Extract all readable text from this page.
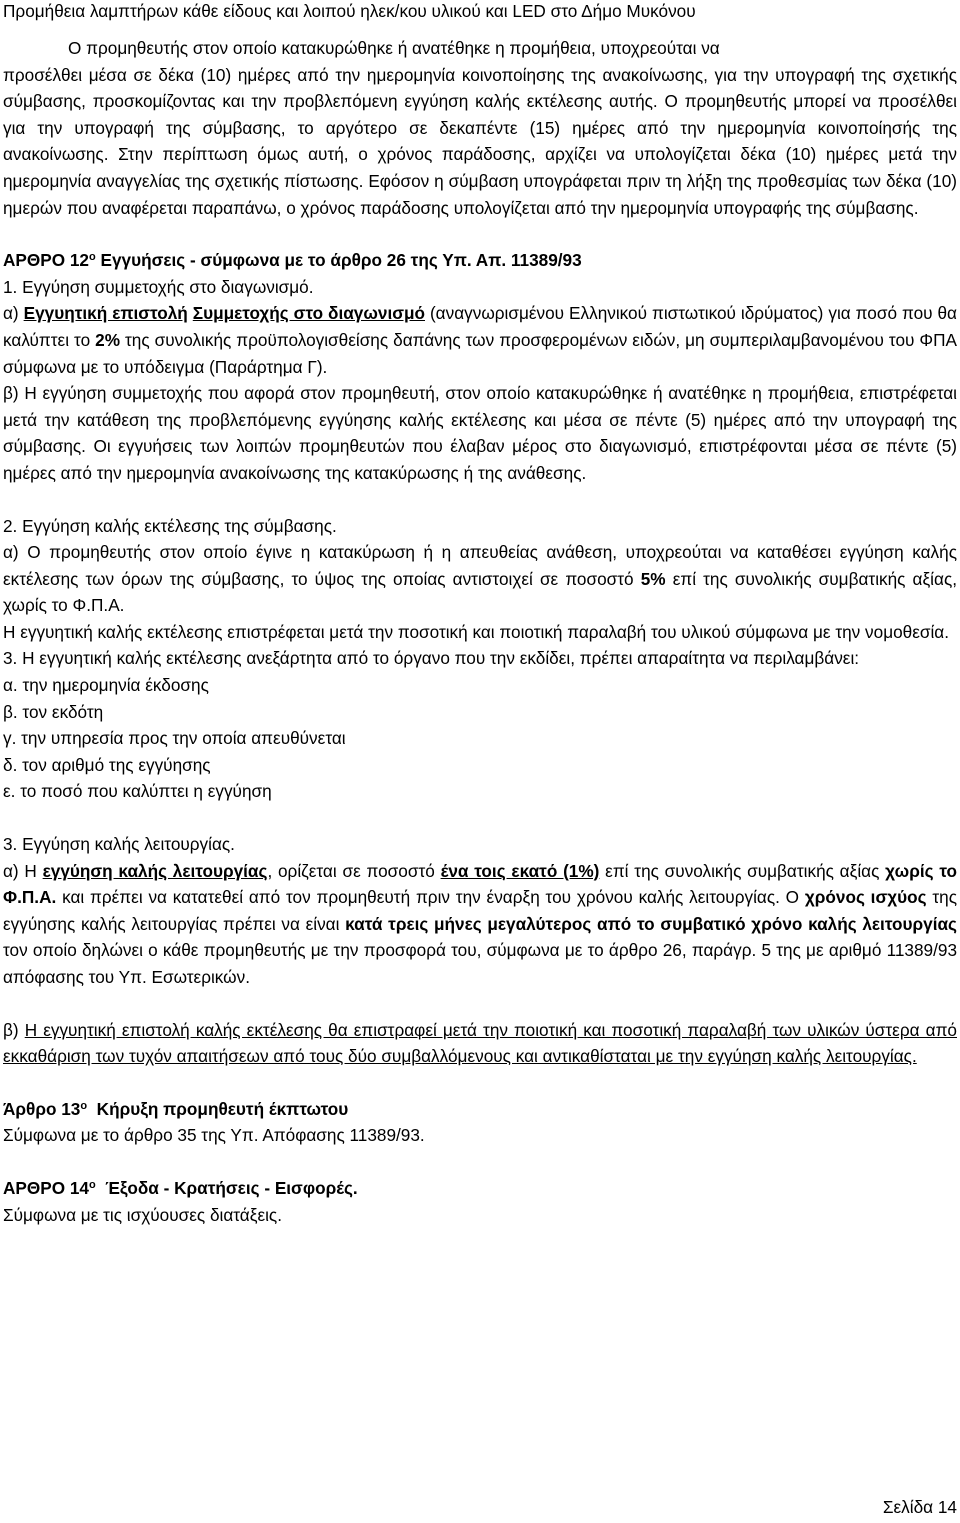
Προμήθεια λαμπτήρων κάθε είδους και λοιπού ηλεκ/κου υλικού και LED στο Δήμο Μυκόνου

Ο προμηθευτής στον οποίο κατακυρώθηκε ή ανατέθηκε η προμήθεια, υποχρεούται να

προσέλθει μέσα σε δέκα (10) ημέρες από την ημερομηνία κοινοποίησης της ανακοίνωσης, για την υπογραφή της σχετικής σύμβασης, προσκομίζοντας και την προβλεπόμενη εγγύηση καλής εκτέλεσης αυτής. Ο προμηθευτής μπορεί να προσέλθει για την υπογραφή της σύμβασης, το αργότερο σε δεκαπέντε (15) ημέρες από την ημερομηνία κοινοποίησής της ανακοίνωσης. Στην περίπτωση όμως αυτή, ο χρόνος παράδοσης, αρχίζει να υπολογίζεται δέκα (10) ημέρες μετά την ημερομηνία αναγγελίας της σχετικής πίστωσης. Εφόσον η σύμβαση υπογράφεται πριν τη λήξη της προθεσμίας των δέκα (10) ημερών που αναφέρεται παραπάνω, ο χρόνος παράδοσης υπολογίζεται από την ημερομηνία υπογραφής της σύμβασης.

ΑΡΘΡΟ $12^o$ Εγγυήσεις - σύμφωνα με το άρθρο 26 της Υπ. Απ. 11389/93

1. Εγγύηση συμμετοχής στο διαγωνισμό.

α) Εγγυητική επιστολή Συμμετοχής στο διαγωνισμό (αναγνωρισμένου Ελληνικού πιστωτικού ιδρύματος) για ποσό που θα καλύπτει το 2% της συνολικής προϋπολογισθείσης δαπάνης των προσφερομένων ειδών, μη συμπεριλαμβανομένου του ΦΠΑ σύμφωνα με το υπόδειγμα (Παράρτημα Γ).

β) Η εγγύηση συμμετοχής που αφορά στον προμηθευτή, στον οποίο κατακυρώθηκε ή ανατέθηκε η προμήθεια, επιστρέφεται μετά την κατάθεση της προβλεπόμενης εγγύησης καλής εκτέλεσης και μέσα σε πέντε (5) ημέρες από την υπογραφή της σύμβασης. Οι εγγυήσεις των λοιπών προμηθευτών που έλαβαν μέρος στο διαγωνισμό, επιστρέφονται μέσα σε πέντε (5) ημέρες από την ημερομηνία ανακοίνωσης της κατακύρωσης ή της ανάθεσης.

2. Εγγύηση καλής εκτέλεσης της σύμβασης.

α) Ο προμηθευτής στον οποίο έγινε η κατακύρωση ή η απευθείας ανάθεση, υποχρεούται να καταθέσει εγγύηση καλής εκτέλεσης των όρων της σύμβασης, το ύψος της οποίας αντιστοιχεί σε ποσοστό 5% επί της συνολικής συμβατικής αξίας, χωρίς το Φ.Π.Α.

Η εγγυητική καλής εκτέλεσης επιστρέφεται μετά την ποσοτική και ποιοτική παραλαβή του υλικού σύμφωνα με την νομοθεσία.

3. Η εγγυητική καλής εκτέλεσης ανεξάρτητα από το όργανο που την εκδίδει, πρέπει απαραίτητα να περιλαμβάνει:

α. την ημερομηνία έκδοσης

β. τον εκδότη

γ. την υπηρεσία προς την οποία απευθύνεται

δ. τον αριθμό της εγγύησης

ε. το ποσό που καλύπτει η εγγύηση

3. Εγγύηση καλής λειτουργίας.

α) Η εγγύηση καλής λειτουργίας, ορίζεται σε ποσοστό ένα τοις εκατό (1%) επί της συνολικής συμβατικής αξίας χωρίς το Φ.Π.Α. και πρέπει να κατατεθεί από τον προμηθευτή πριν την έναρξη του χρόνου καλής λειτουργίας. Ο χρόνος ισχύος της εγγύησης καλής λειτουργίας πρέπει να είναι κατά τρεις μήνες μεγαλύτερος από το συμβατικό χρόνο καλής λειτουργίας τον οποίο δηλώνει ο κάθε προμηθευτής με την προσφορά του, σύμφωνα με το άρθρο 26, παράγρ. 5 της με αριθμό 11389/93 απόφασης του Υπ. Εσωτερικών.

β) Η εγγυητική επιστολή καλής εκτέλεσης θα επιστραφεί μετά την ποιοτική και ποσοτική παραλαβή των υλικών ύστερα από εκκαθάριση των τυχόν απαιτήσεων από τους δύο συμβαλλόμενους και αντικαθίσταται με την εγγύηση καλής λειτουργίας.

Άρθρο $13^o$  Κήρυξη προμηθευτή έκπτωτου

Σύμφωνα με το άρθρο 35 της Υπ. Απόφασης 11389/93.

ΑΡΘΡΟ $14^o$  Έξοδα - Κρατήσεις - Εισφορές.

Σύμφωνα με τις ισχύουσες διατάξεις.

Σελίδα 14
